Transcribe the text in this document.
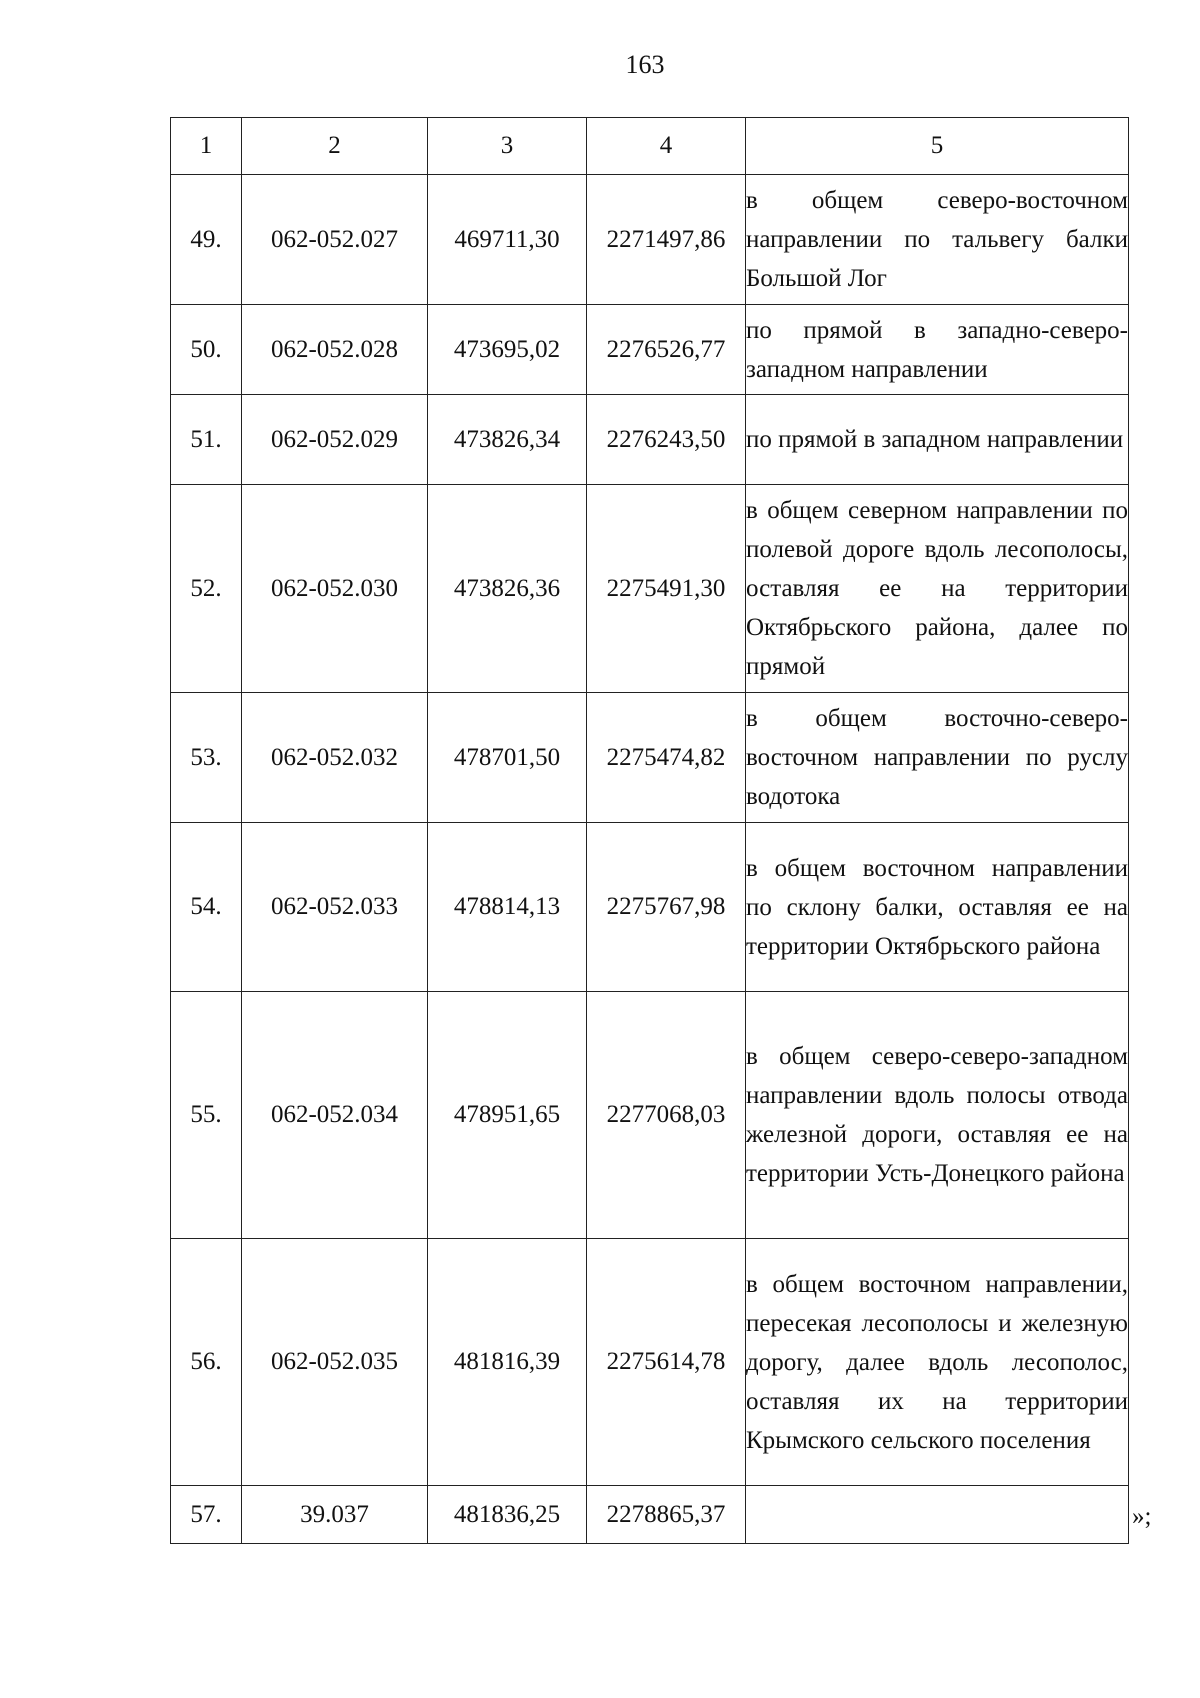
163
1	2	3	4	5
49.	062-052.027	469711,30	2271497,86	в общем северо-восточном направлении по тальвегу балки Большой Лог
50.	062-052.028	473695,02	2276526,77	по прямой в западно-северо-западном направлении
51.	062-052.029	473826,34	2276243,50	по прямой в западном направлении
52.	062-052.030	473826,36	2275491,30	в общем северном направлении по полевой дороге вдоль лесополосы, оставляя ее на территории Октябрьского района, далее по прямой
53.	062-052.032	478701,50	2275474,82	в общем восточно-северо-восточном направлении по руслу водотока
54.	062-052.033	478814,13	2275767,98	в общем восточном направлении по склону балки, оставляя ее на территории Октябрьского района
55.	062-052.034	478951,65	2277068,03	в общем северо-северо-западном направлении вдоль полосы отвода железной дороги, оставляя ее на территории Усть-Донецкого района
56.	062-052.035	481816,39	2275614,78	в общем восточном направлении, пересекая лесополосы и железную дорогу, далее вдоль лесополос, оставляя их на территории Крымского сельского поселения
57.	39.037	481836,25	2278865,37		»;
